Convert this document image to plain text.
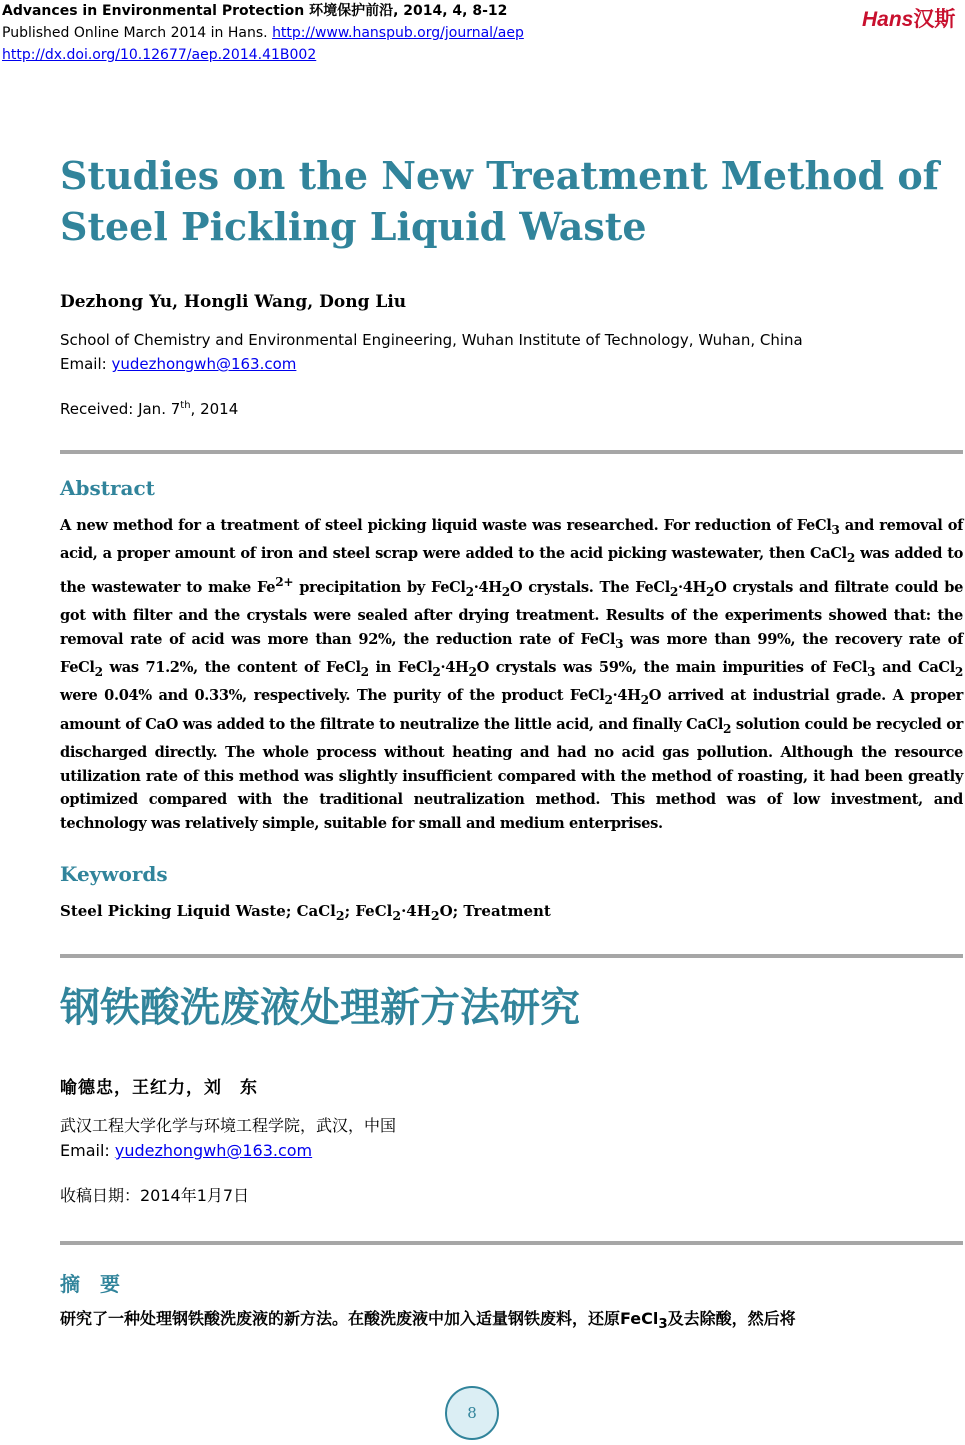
Advances in Environmental Protection 环境保护前沿, 2014, 4, 8-12
Published Online March 2014 in Hans. http://www.hanspub.org/journal/aep
http://dx.doi.org/10.12677/aep.2014.41B002
Hans汉斯
Studies on the New Treatment Method of
Steel Pickling Liquid Waste
Dezhong Yu, Hongli Wang, Dong Liu
School of Chemistry and Environmental Engineering, Wuhan Institute of Technology, Wuhan, China
Email: yudezhongwh@163.com
Received: Jan. 7th, 2014
Abstract
A new method for a treatment of steel picking liquid waste was researched. For reduction of FeCl$_3$ and removal of acid, a proper amount of iron and steel scrap were added to the acid picking wastewater, then CaCl$_2$ was added to the wastewater to make $Fe^{2+}$ precipitation by $FeCl_2\cdot 4H_2O$ crystals. The $FeCl_2\cdot 4H_2O$ crystals and filtrate could be got with filter and the crystals were sealed after drying treatment. Results of the experiments showed that: the removal rate of acid was more than 92%, the reduction rate of FeCl$_3$ was more than 99%, the recovery rate of FeCl$_2$ was 71.2%, the content of FeCl$_2$ in $FeCl_2\cdot 4H_2O$ crystals was 59%, the main impurities of FeCl$_3$ and CaCl$_2$ were 0.04% and 0.33%, respectively. The purity of the product $FeCl_2\cdot 4H_2O$ arrived at industrial grade. A proper amount of CaO was added to the filtrate to neutralize the little acid, and finally CaCl$_2$ solution could be recycled or discharged directly. The whole process without heating and had no acid gas pollution. Although the resource utilization rate of this method was slightly insufficient compared with the method of roasting, it had been greatly optimized compared with the traditional neutralization method. This method was of low investment, and technology was relatively simple, suitable for small and medium enterprises.
Keywords
Steel Picking Liquid Waste; CaCl$_2$; $FeCl_2\cdot 4H_2O$; Treatment
钢铁酸洗废液处理新方法研究
喻德忠，王红力，刘　东
武汉工程大学化学与环境工程学院，武汉，中国
Email: yudezhongwh@163.com
收稿日期：2014年1月7日
摘　要
研究了一种处理钢铁酸洗废液的新方法。在酸洗废液中加入适量钢铁废料，还原FeCl$_3$及去除酸，然后将
8
